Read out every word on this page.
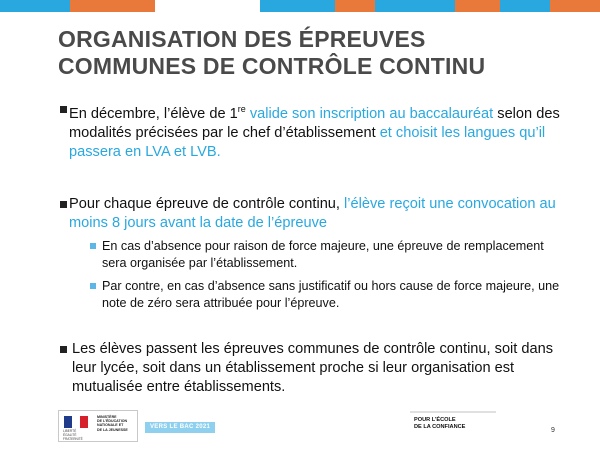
ORGANISATION DES ÉPREUVES
COMMUNES DE CONTRÔLE CONTINU
En décembre, l’élève de 1re valide son inscription au baccalauréat selon des modalités précisées par le chef d’établissement et choisit les langues qu’il passera en LVA et LVB.
Pour chaque épreuve de contrôle continu, l’élève reçoit une convocation au moins 8 jours avant la date de l’épreuve
En cas d’absence pour raison de force majeure, une épreuve de remplacement sera organisée par l’établissement.
Par contre, en cas d’absence sans justificatif ou hors cause de force majeure, une note de zéro sera attribuée pour l’épreuve.
Les élèves passent les épreuves communes de contrôle continu, soit dans leur lycée, soit dans un établissement proche si leur organisation est mutualisée entre établissements.
LIBERTÉ
ÉGALITÉ
FRATERNITÉ
MINISTÈRE
DE L’ÉDUCATION
NATIONALE ET
DE LA JEUNESSE	VERS LE BAC 2021
POUR L’ÉCOLE
DE LA CONFIANCE
9
